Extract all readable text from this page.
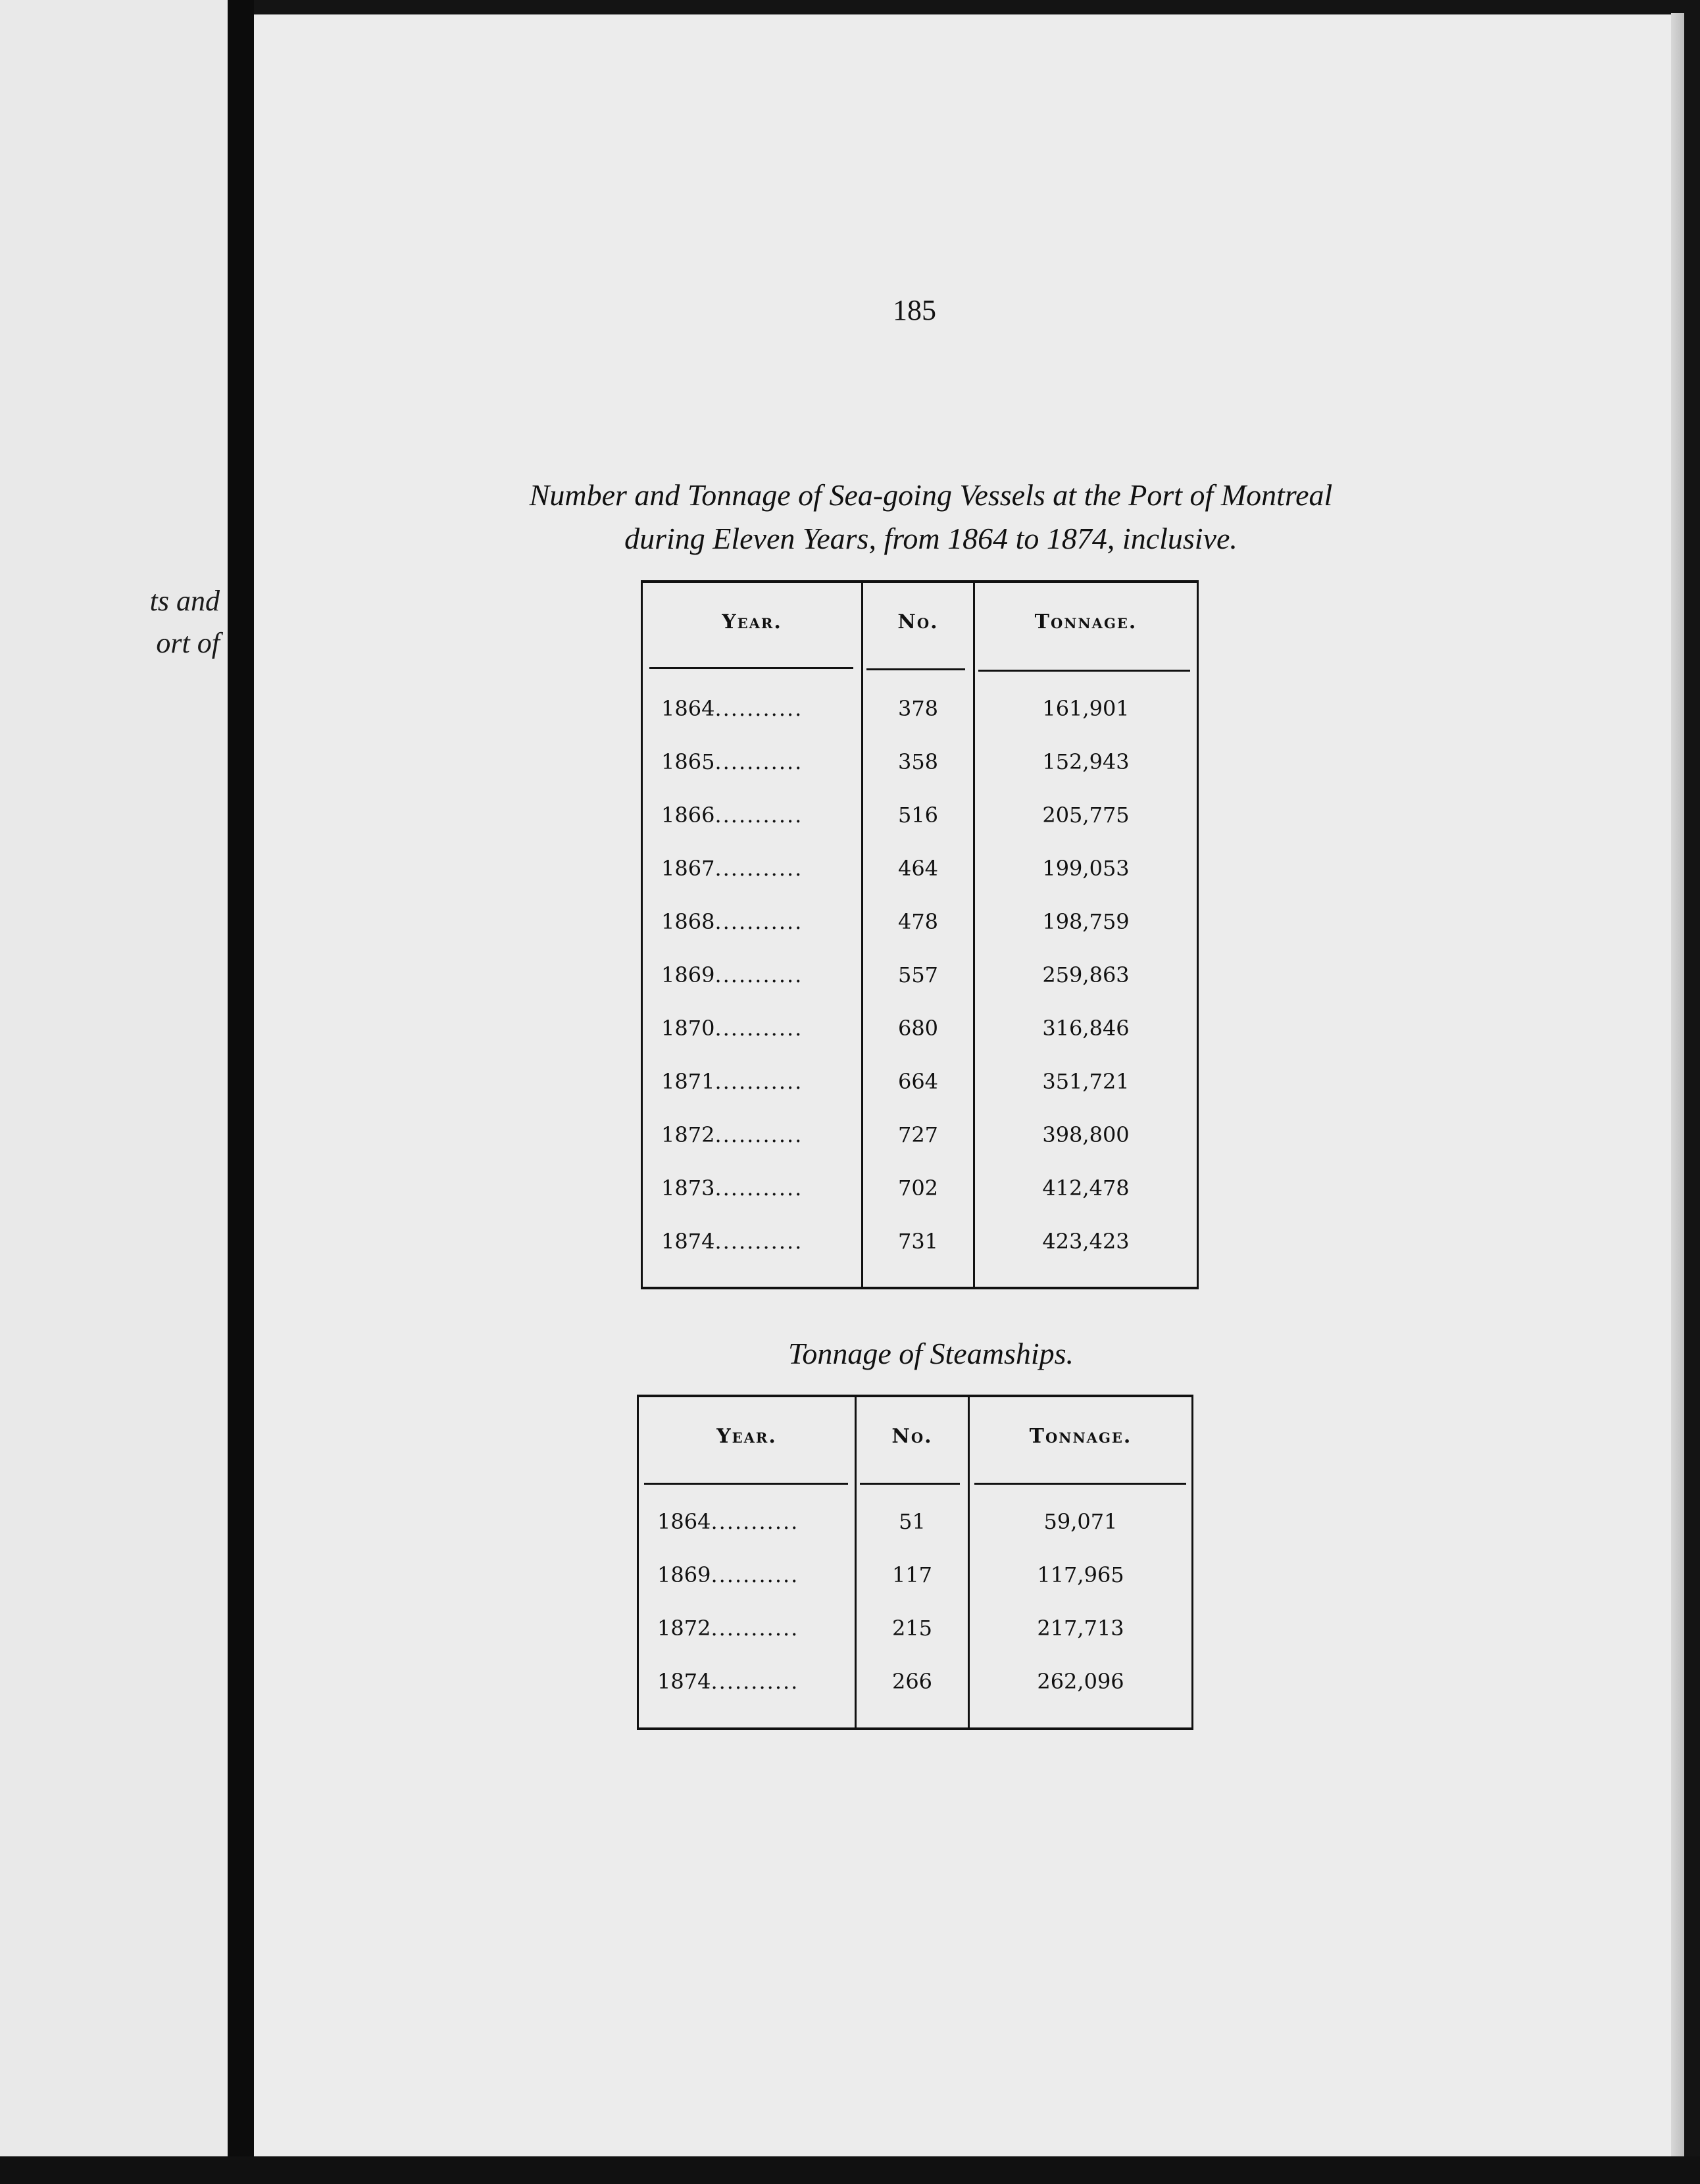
ts and
ort of
185
Number and Tonnage of Sea-going Vessels at the Port of Montreal
during Eleven Years, from 1864 to 1874, inclusive.
Year.	No.	Tonnage.
1864...........	378	161,901
1865...........	358	152,943
1866...........	516	205,775
1867...........	464	199,053
1868...........	478	198,759
1869...........	557	259,863
1870...........	680	316,846
1871...........	664	351,721
1872...........	727	398,800
1873...........	702	412,478
1874...........	731	423,423
Tonnage of Steamships.
Year.	No.	Tonnage.
1864...........	51	59,071
1869...........	117	117,965
1872...........	215	217,713
1874...........	266	262,096
